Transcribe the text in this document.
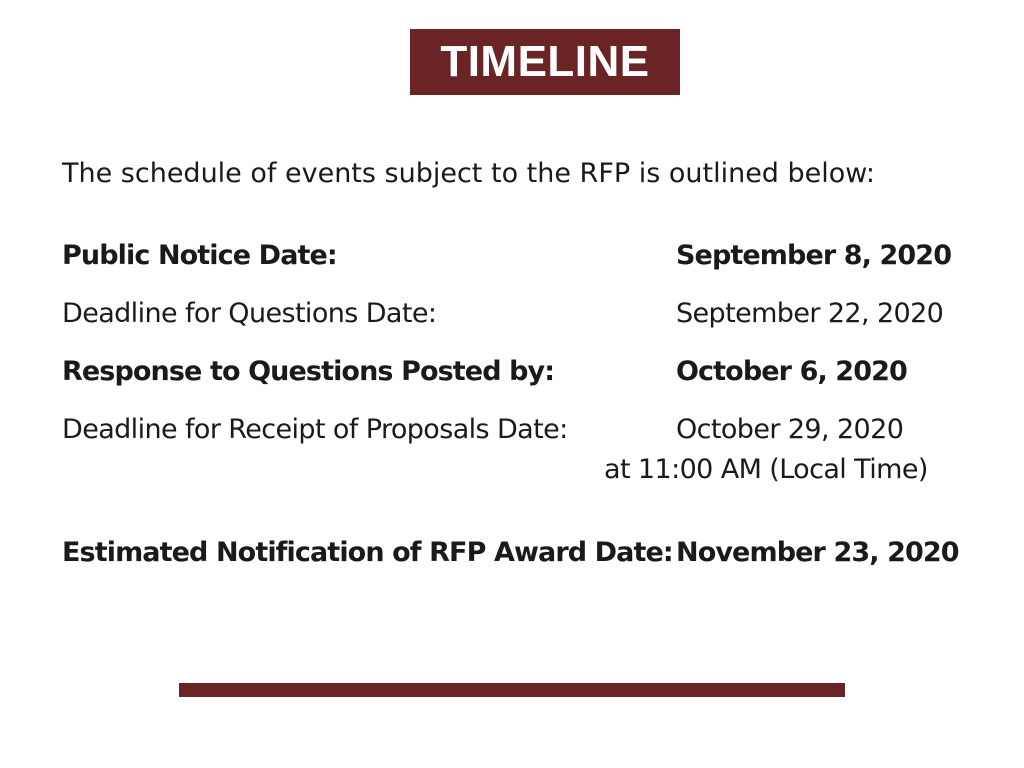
TIMELINE
The schedule of events subject to the RFP is outlined below:
Public Notice Date:	September 8, 2020
Deadline for Questions Date:	September 22, 2020
Response to Questions Posted by:	October 6, 2020
Deadline for Receipt of Proposals Date:	October 29, 2020
at 11:00 AM (Local Time)
Estimated Notification of RFP Award Date: November 23, 2020
